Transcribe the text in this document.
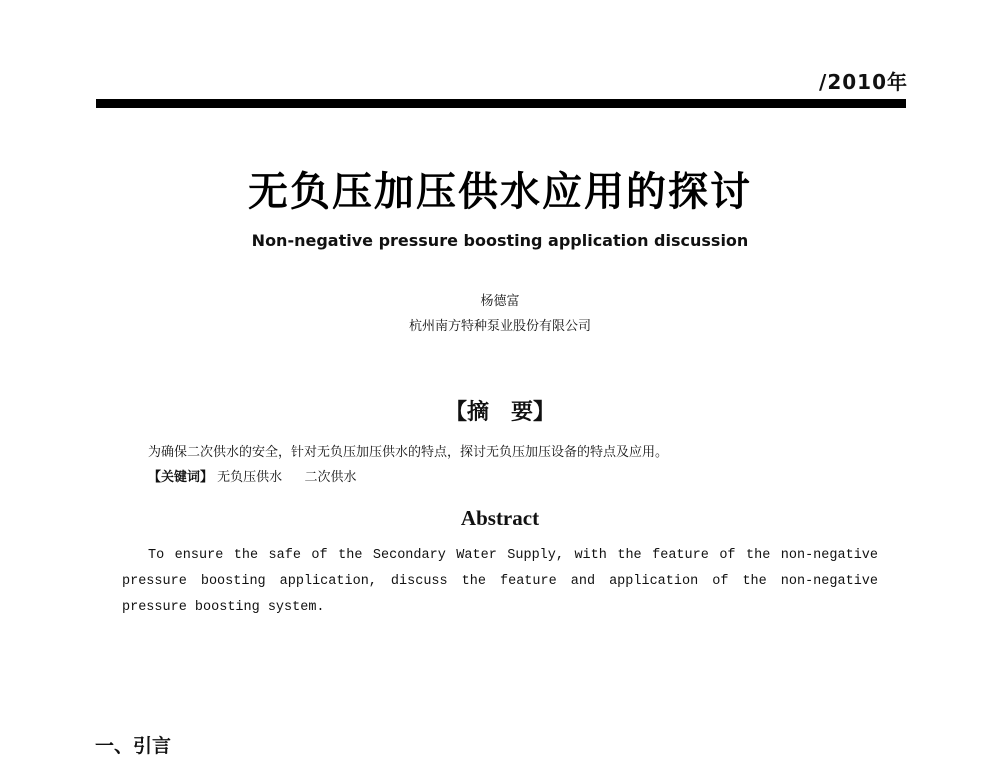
/2010年
无负压加压供水应用的探讨
Non-negative pressure boosting application discussion
杨德富
杭州南方特种泵业股份有限公司
【摘　要】
为确保二次供水的安全，针对无负压加压供水的特点，探讨无负压加压设备的特点及应用。
【关键词】 无负压供水 二次供水
Abstract

To ensure the safe of the Secondary Water Supply, with the feature of the non-negative pressure boosting application, discuss the feature and application of the non-negative pressure boosting system.

一、引言
